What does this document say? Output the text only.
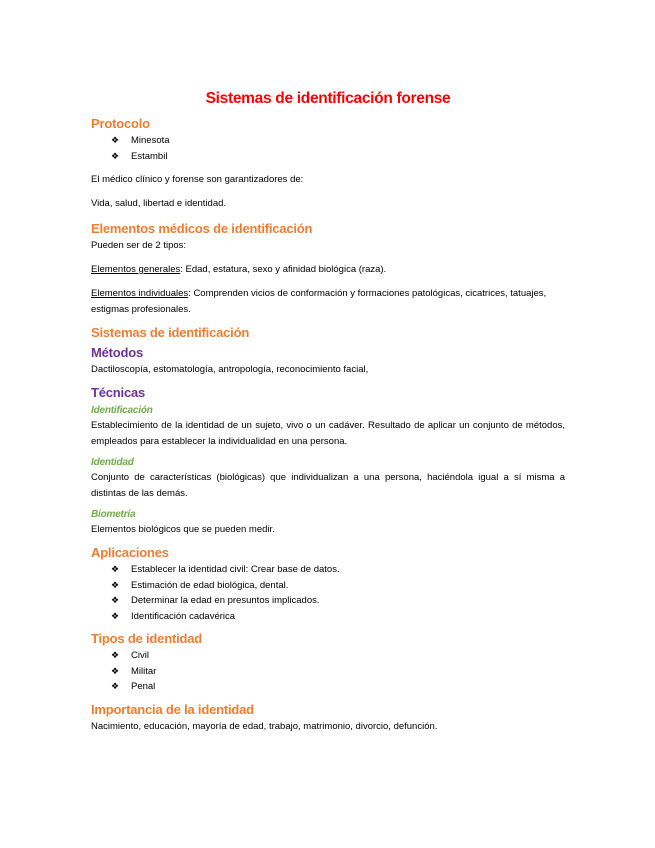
Sistemas de identificación forense
Protocolo
❖ Minesota
❖ Estambil

El médico clínico y forense son garantizadores de:

Vida, salud, libertad e identidad.

Elementos médicos de identificación

Pueden ser de 2 tipos:

Elementos generales: Edad, estatura, sexo y afinidad biológica (raza).

Elementos individuales: Comprenden vicios de conformación y formaciones patológicas, cicatrices, tatuajes, estigmas profesionales.

Sistemas de identificación
Métodos

Dactiloscopía, estomatología, antropología, reconocimiento facial,

Técnicas
Identificación

Establecimiento de la identidad de un sujeto, vivo o un cadáver. Resultado de aplicar un conjunto de métodos, empleados para establecer la individualidad en una persona.

Identidad

Conjunto de características (biológicas) que individualizan a una persona, haciéndola igual a sí misma a distintas de las demás.

Biometría

Elementos biológicos que se pueden medir.

Aplicaciones
❖ Establecer la identidad civil: Crear base de datos.
❖ Estimación de edad biológica, dental.
❖ Determinar la edad en presuntos implicados.
❖ Identificación cadavérica
Tipos de identidad
❖ Civil
❖ Militar
❖ Penal
Importancia de la identidad

Nacimiento, educación, mayoría de edad, trabajo, matrimonio, divorcio, defunción.
